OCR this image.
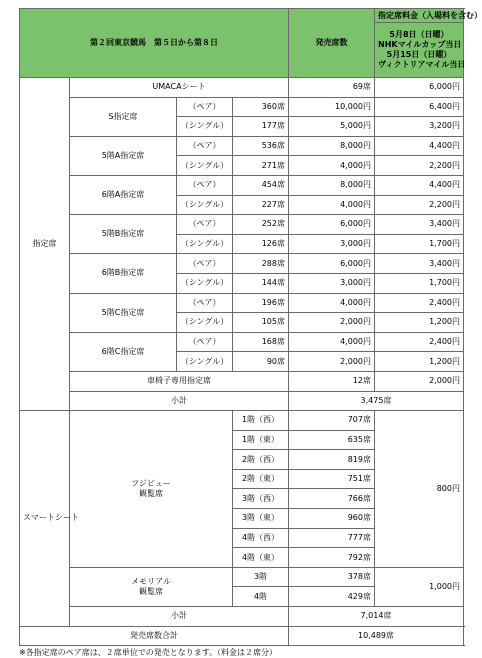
第２回東京競馬　第５日から第８日				発売席数	指定席料金（入場料を含む）	

					5月8日（日曜）
NHKマイルカップ当日
5月15日（日曜）
ヴィクトリアマイル当日

指定席	UMACAシート			69席	6,000円	
	S指定席	（ペア）	360席	10,000円	6,400円	
		（シングル）	177席	5,000円	3,200円	
	5階A指定席	（ペア）	536席	8,000円	4,400円	
		（シングル）	271席	4,000円	2,200円	
	6階A指定席	（ペア）	454席	8,000円	4,400円	
		（シングル）	227席	4,000円	2,200円	
	5階B指定席	（ペア）	252席	6,000円	3,400円	
		（シングル）	126席	3,000円	1,700円	
	6階B指定席	（ペア）	288席	6,000円	3,400円	
		（シングル）	144席	3,000円	1,700円	
	5階C指定席	（ペア）	196席	4,000円	2,400円	
		（シングル）	105席	2,000円	1,200円	
	6階C指定席	（ペア）	168席	4,000円	2,400円	
		（シングル）	90席	2,000円	1,200円	
	車椅子専用指定席			12席	2,000円	
	小計			3,475席		
スマートシート	フジビュー
観覧席		1階（西）	707席	800円	
			1階（東）	635席		
			2階（西）	819席		
			2階（東）	751席		
			3階（西）	766席		
			3階（東）	960席		
			4階（西）	777席		
			4階（東）	792席		

	メモリアル
観覧席		3階	378席	1,000円	
			4階	429席		
	小計			7,014席		
発売席数合計				10,489席		
※各指定席のペア席は、２席単位での発売となります。（料金は２席分）
